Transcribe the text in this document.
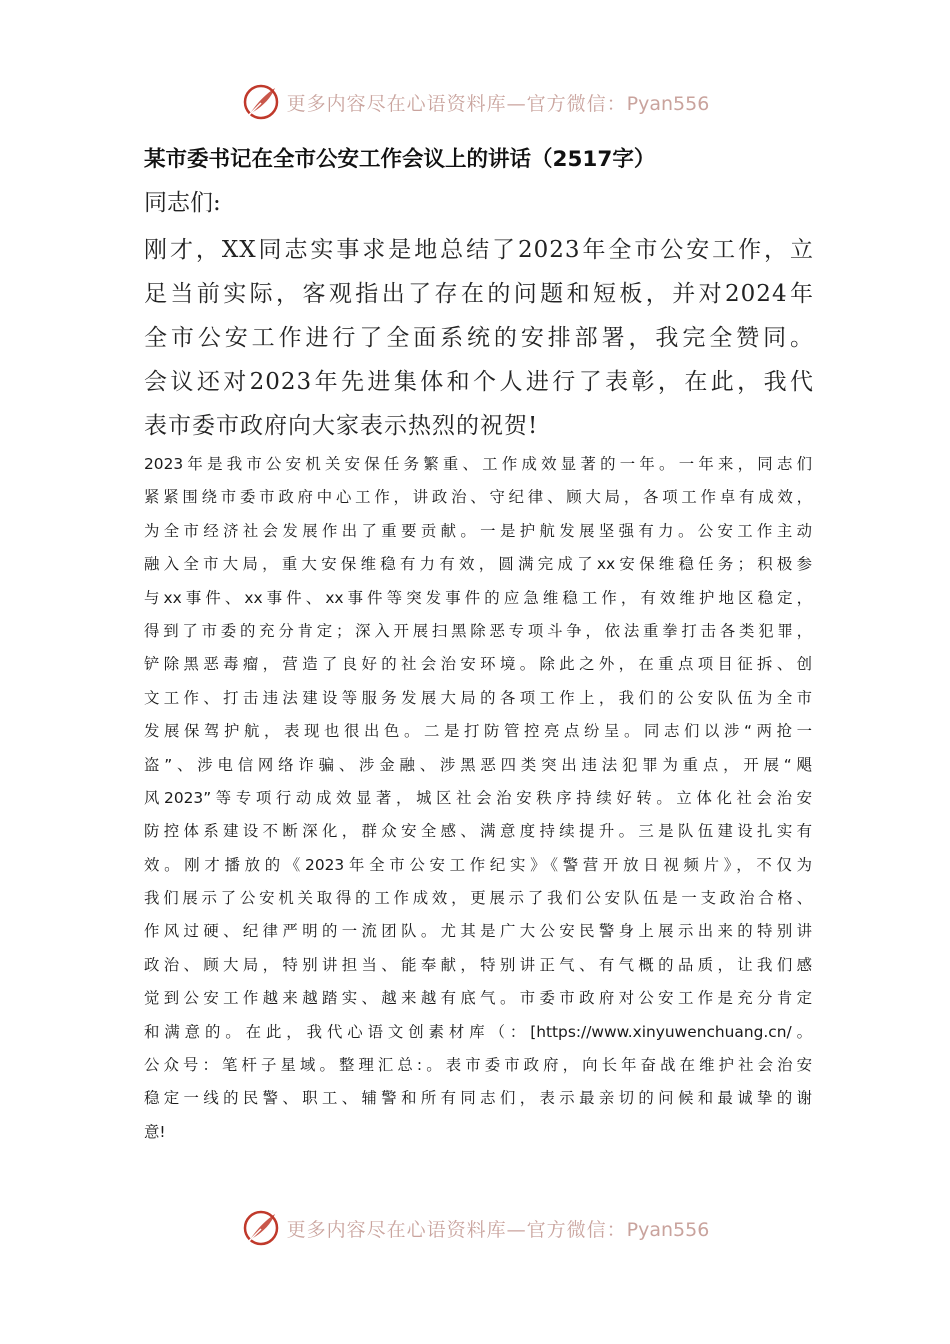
更多内容尽在心语资料库—官方微信：Pyan556
某市委书记在全市公安工作会议上的讲话（2517字）
同志们:
刚才，XX同志实事求是地总结了2023年全市公安工作，立
足当前实际，客观指出了存在的问题和短板，并对2024年
全市公安工作进行了全面系统的安排部署，我完全赞同。
会议还对2023年先进集体和个人进行了表彰，在此，我代
表市委市政府向大家表示热烈的祝贺!
2023年是我市公安机关安保任务繁重、工作成效显著的一年。一年来，同志们
紧紧围绕市委市政府中心工作，讲政治、守纪律、顾大局，各项工作卓有成效，
为全市经济社会发展作出了重要贡献。一是护航发展坚强有力。公安工作主动
融入全市大局，重大安保维稳有力有效，圆满完成了xx安保维稳任务；积极参
与xx事件、xx事件、xx事件等突发事件的应急维稳工作，有效维护地区稳定，
得到了市委的充分肯定；深入开展扫黑除恶专项斗争，依法重拳打击各类犯罪，
铲除黑恶毒瘤，营造了良好的社会治安环境。除此之外，在重点项目征拆、创
文工作、打击违法建设等服务发展大局的各项工作上，我们的公安队伍为全市
发展保驾护航，表现也很出色。二是打防管控亮点纷呈。同志们以涉“两抢一
盗”、涉电信网络诈骗、涉金融、涉黑恶四类突出违法犯罪为重点，开展“飓
风2023”等专项行动成效显著，城区社会治安秩序持续好转。立体化社会治安
防控体系建设不断深化，群众安全感、满意度持续提升。三是队伍建设扎实有
效。刚才播放的《2023年全市公安工作纪实》《警营开放日视频片》，不仅为
我们展示了公安机关取得的工作成效，更展示了我们公安队伍是一支政治合格、
作风过硬、纪律严明的一流团队。尤其是广大公安民警身上展示出来的特别讲
政治、顾大局，特别讲担当、能奉献，特别讲正气、有气概的品质，让我们感
觉到公安工作越来越踏实、越来越有底气。市委市政府对公安工作是充分肯定
和满意的。在此，我代心语文创素材库（：[https://www.xinyuwenchuang.cn/。
公众号：笔杆子星域。整理汇总:。表市委市政府，向长年奋战在维护社会治安
稳定一线的民警、职工、辅警和所有同志们，表示最亲切的问候和最诚挚的谢
意!
更多内容尽在心语资料库—官方微信：Pyan556
